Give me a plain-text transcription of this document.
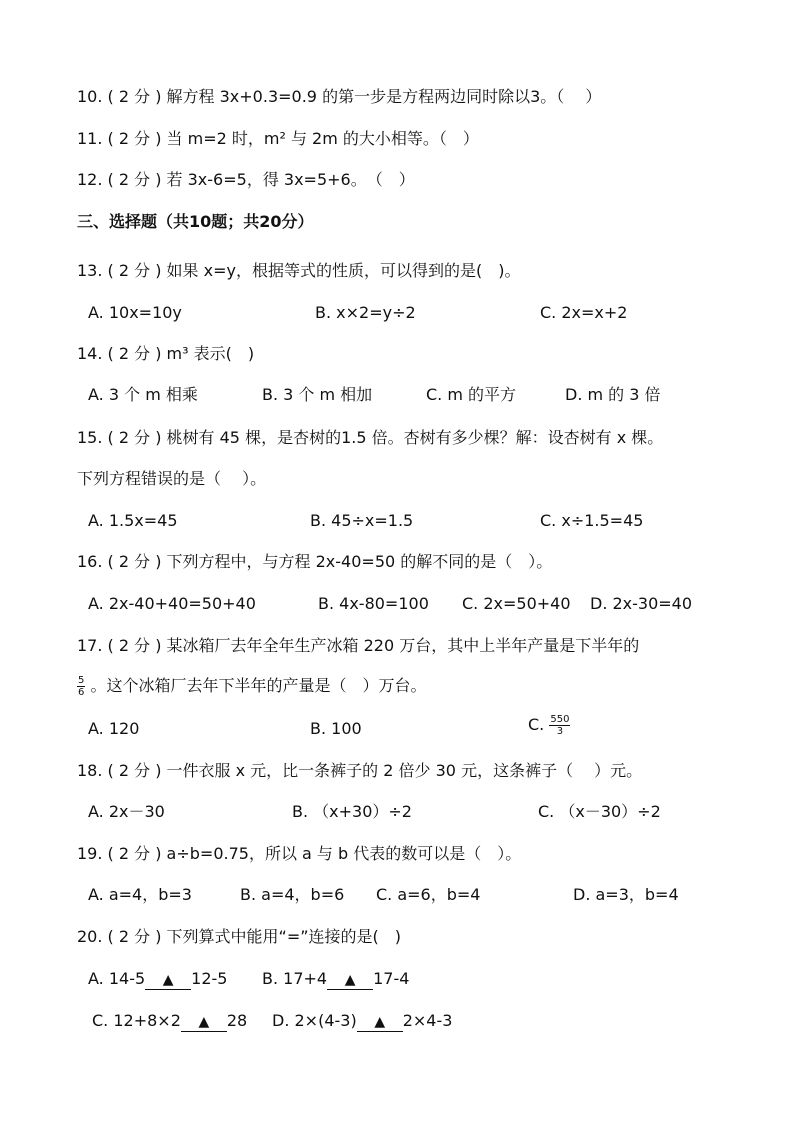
10. ( 2 分 ) 解方程 3x+0.3=0.9 的第一步是方程两边同时除以3。（　 ）
11. ( 2 分 ) 当 m=2 时，m² 与 2m 的大小相等。（　）
12. ( 2 分 ) 若 3x-6=5，得 3x=5+6。　（　）
三、选择题（共10题；共20分）
13. ( 2 分 ) 如果 x=y，根据等式的性质，可以得到的是(　)。
A. 10x=10y	B. x×2=y÷2	C. 2x=x+2
14. ( 2 分 ) m³ 表示(　)
A. 3 个 m 相乘	B. 3 个 m 相加	C. m 的平方	D. m 的 3 倍
15. ( 2 分 ) 桃树有 45 棵，是杏树的1.5 倍。杏树有多少棵？解：设杏树有 x 棵。
下列方程错误的是（　 ）。
A. 1.5x=45	B. 45÷x=1.5	C. x÷1.5=45
16. ( 2 分 ) 下列方程中，与方程 2x-40=50 的解不同的是（　）。
A. 2x-40+40=50+40	B. 4x-80=100 C. 2x=50+40 D. 2x-30=40
17. ( 2 分 ) 某冰箱厂去年全年生产冰箱 220 万台，其中上半年产量是下半年的
$\frac{5}{6}$ 。这个冰箱厂去年下半年的产量是（　）万台。
A. 120	B. 100	C. $\frac{550}{3}$
18. ( 2 分 ) 一件衣服 x 元，比一条裤子的 2 倍少 30 元，这条裤子（　 ）元。
A. 2x－30	B. （x+30）÷2	C. （x－30）÷2
19. ( 2 分 ) a÷b=0.75，所以 a 与 b 代表的数可以是（　）。
A. a=4，b=3	B. a=4，b=6 C. a=6，b=4	D. a=3，b=4
20. ( 2 分 ) 下列算式中能用“=”连接的是(　)
A. 14-5 ▲ 12-5 B. 17+4 ▲ 17-4
C. 12+8×2 ▲ 28 D. 2×(4-3) ▲ 2×4-3
